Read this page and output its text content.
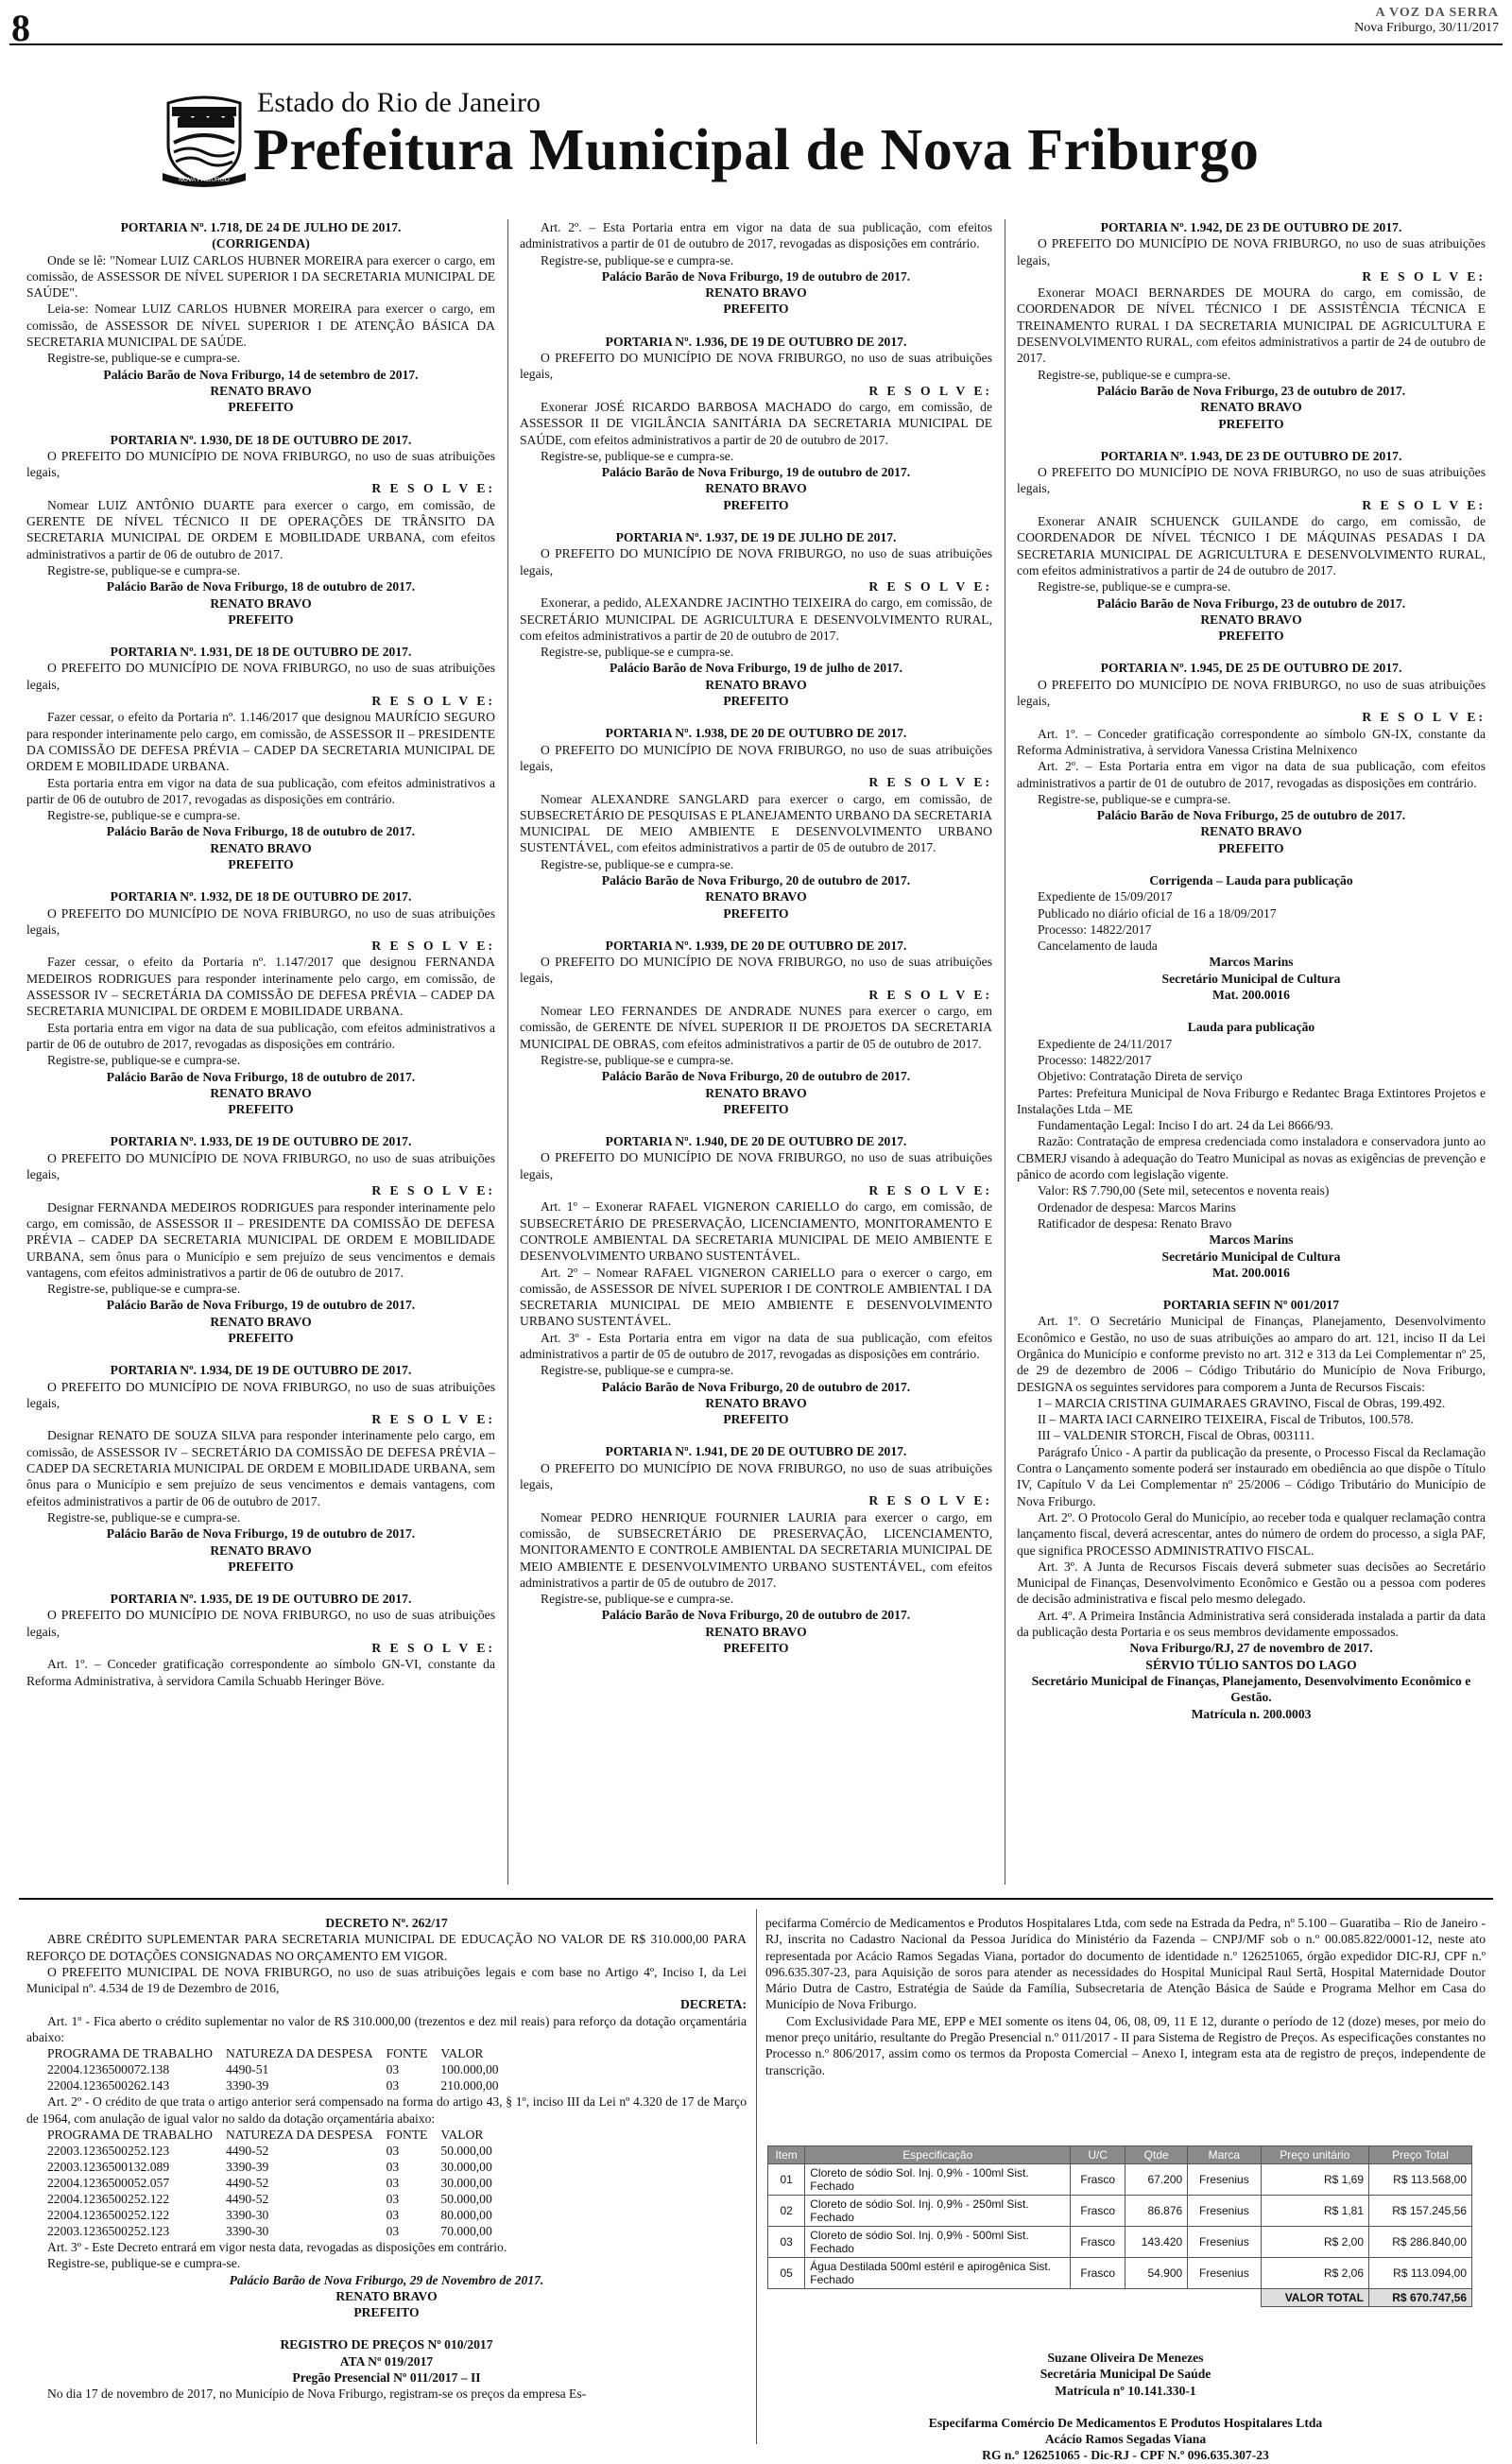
8	A VOZ DA SERRA
Nova Friburgo, 30/11/2017
NOVA FRIBURGO
Estado do Rio de Janeiro
Prefeitura Municipal de Nova Friburgo
PORTARIA Nº. 1.718, DE 24 DE JULHO DE 2017.
(CORRIGENDA)
Onde se lê: "Nomear LUIZ CARLOS HUBNER MOREIRA para exercer o cargo, em comissão, de ASSESSOR DE NÍVEL SUPERIOR I DA SECRETARIA MUNICIPAL DE SAÚDE".
Leia-se: Nomear LUIZ CARLOS HUBNER MOREIRA para exercer o cargo, em comissão, de ASSESSOR DE NÍVEL SUPERIOR I DE ATENÇÃO BÁSICA DA SECRETARIA MUNICIPAL DE SAÚDE.
Registre-se, publique-se e cumpra-se.
Palácio Barão de Nova Friburgo, 14 de setembro de 2017.
RENATO BRAVO
PREFEITO
PORTARIA Nº. 1.930, DE 18 DE OUTUBRO DE 2017.
O PREFEITO DO MUNICÍPIO DE NOVA FRIBURGO, no uso de suas atribuições legais,
R E S O L V E:
Nomear LUIZ ANTÔNIO DUARTE para exercer o cargo, em comissão, de GERENTE DE NÍVEL TÉCNICO II DE OPERAÇÕES DE TRÂNSITO DA SECRETARIA MUNICIPAL DE ORDEM E MOBILIDADE URBANA, com efeitos administrativos a partir de 06 de outubro de 2017.
Registre-se, publique-se e cumpra-se.
Palácio Barão de Nova Friburgo, 18 de outubro de 2017.
RENATO BRAVO
PREFEITO
PORTARIA Nº. 1.931, DE 18 DE OUTUBRO DE 2017.
O PREFEITO DO MUNICÍPIO DE NOVA FRIBURGO, no uso de suas atribuições legais,
R E S O L V E:
Fazer cessar, o efeito da Portaria nº. 1.146/2017 que designou MAURÍCIO SEGURO para responder interinamente pelo cargo, em comissão, de ASSESSOR II – PRESIDENTE DA COMISSÃO DE DEFESA PRÉVIA – CADEP DA SECRETARIA MUNICIPAL DE ORDEM E MOBILIDADE URBANA.
Esta portaria entra em vigor na data de sua publicação, com efeitos administrativos a partir de 06 de outubro de 2017, revogadas as disposições em contrário.
Registre-se, publique-se e cumpra-se.
Palácio Barão de Nova Friburgo, 18 de outubro de 2017.
RENATO BRAVO
PREFEITO
PORTARIA Nº. 1.932, DE 18 DE OUTUBRO DE 2017.
O PREFEITO DO MUNICÍPIO DE NOVA FRIBURGO, no uso de suas atribuições legais,
R E S O L V E:
Fazer cessar, o efeito da Portaria nº. 1.147/2017 que designou FERNANDA MEDEIROS RODRIGUES para responder interinamente pelo cargo, em comissão, de ASSESSOR IV – SECRETÁRIA DA COMISSÃO DE DEFESA PRÉVIA – CADEP DA SECRETARIA MUNICIPAL DE ORDEM E MOBILIDADE URBANA.
Esta portaria entra em vigor na data de sua publicação, com efeitos administrativos a partir de 06 de outubro de 2017, revogadas as disposições em contrário.
Registre-se, publique-se e cumpra-se.
Palácio Barão de Nova Friburgo, 18 de outubro de 2017.
RENATO BRAVO
PREFEITO
PORTARIA Nº. 1.933, DE 19 DE OUTUBRO DE 2017.
O PREFEITO DO MUNICÍPIO DE NOVA FRIBURGO, no uso de suas atribuições legais,
R E S O L V E:
Designar FERNANDA MEDEIROS RODRIGUES para responder interinamente pelo cargo, em comissão, de ASSESSOR II – PRESIDENTE DA COMISSÃO DE DEFESA PRÉVIA – CADEP DA SECRETARIA MUNICIPAL DE ORDEM E MOBILIDADE URBANA, sem ônus para o Município e sem prejuízo de seus vencimentos e demais vantagens, com efeitos administrativos a partir de 06 de outubro de 2017.
Registre-se, publique-se e cumpra-se.
Palácio Barão de Nova Friburgo, 19 de outubro de 2017.
RENATO BRAVO
PREFEITO
PORTARIA Nº. 1.934, DE 19 DE OUTUBRO DE 2017.
O PREFEITO DO MUNICÍPIO DE NOVA FRIBURGO, no uso de suas atribuições legais,
R E S O L V E:
Designar RENATO DE SOUZA SILVA para responder interinamente pelo cargo, em comissão, de ASSESSOR IV – SECRETÁRIO DA COMISSÃO DE DEFESA PRÉVIA – CADEP DA SECRETARIA MUNICIPAL DE ORDEM E MOBILIDADE URBANA, sem ônus para o Município e sem prejuízo de seus vencimentos e demais vantagens, com efeitos administrativos a partir de 06 de outubro de 2017.
Registre-se, publique-se e cumpra-se.
Palácio Barão de Nova Friburgo, 19 de outubro de 2017.
RENATO BRAVO
PREFEITO
PORTARIA Nº. 1.935, DE 19 DE OUTUBRO DE 2017.
O PREFEITO DO MUNICÍPIO DE NOVA FRIBURGO, no uso de suas atribuições legais,
R E S O L V E:
Art. 1º. – Conceder gratificação correspondente ao símbolo GN-VI, constante da Reforma Administrativa, à servidora Camila Schuabb Heringer Böve.
Art. 2º. – Esta Portaria entra em vigor na data de sua publicação, com efeitos administrativos a partir de 01 de outubro de 2017, revogadas as disposições em contrário.
Registre-se, publique-se e cumpra-se.
Palácio Barão de Nova Friburgo, 19 de outubro de 2017.
RENATO BRAVO
PREFEITO
PORTARIA Nº. 1.936, DE 19 DE OUTUBRO DE 2017.
O PREFEITO DO MUNICÍPIO DE NOVA FRIBURGO, no uso de suas atribuições legais,
R E S O L V E:
Exonerar JOSÉ RICARDO BARBOSA MACHADO do cargo, em comissão, de ASSESSOR II DE VIGILÂNCIA SANITÁRIA DA SECRETARIA MUNICIPAL DE SAÚDE, com efeitos administrativos a partir de 20 de outubro de 2017.
Registre-se, publique-se e cumpra-se.
Palácio Barão de Nova Friburgo, 19 de outubro de 2017.
RENATO BRAVO
PREFEITO
PORTARIA Nº. 1.937, DE 19 DE JULHO DE 2017.
O PREFEITO DO MUNICÍPIO DE NOVA FRIBURGO, no uso de suas atribuições legais,
R E S O L V E:
Exonerar, a pedido, ALEXANDRE JACINTHO TEIXEIRA do cargo, em comissão, de SECRETÁRIO MUNICIPAL DE AGRICULTURA E DESENVOLVIMENTO RURAL, com efeitos administrativos a partir de 20 de outubro de 2017.
Registre-se, publique-se e cumpra-se.
Palácio Barão de Nova Friburgo, 19 de julho de 2017.
RENATO BRAVO
PREFEITO
PORTARIA Nº. 1.938, DE 20 DE OUTUBRO DE 2017.
O PREFEITO DO MUNICÍPIO DE NOVA FRIBURGO, no uso de suas atribuições legais,
R E S O L V E:
Nomear ALEXANDRE SANGLARD para exercer o cargo, em comissão, de SUBSECRETÁRIO DE PESQUISAS E PLANEJAMENTO URBANO DA SECRETARIA MUNICIPAL DE MEIO AMBIENTE E DESENVOLVIMENTO URBANO SUSTENTÁVEL, com efeitos administrativos a partir de 05 de outubro de 2017.
Registre-se, publique-se e cumpra-se.
Palácio Barão de Nova Friburgo, 20 de outubro de 2017.
RENATO BRAVO
PREFEITO
PORTARIA Nº. 1.939, DE 20 DE OUTUBRO DE 2017.
O PREFEITO DO MUNICÍPIO DE NOVA FRIBURGO, no uso de suas atribuições legais,
R E S O L V E:
Nomear LEO FERNANDES DE ANDRADE NUNES para exercer o cargo, em comissão, de GERENTE DE NÍVEL SUPERIOR II DE PROJETOS DA SECRETARIA MUNICIPAL DE OBRAS, com efeitos administrativos a partir de 05 de outubro de 2017.
Registre-se, publique-se e cumpra-se.
Palácio Barão de Nova Friburgo, 20 de outubro de 2017.
RENATO BRAVO
PREFEITO
PORTARIA Nº. 1.940, DE 20 DE OUTUBRO DE 2017.
O PREFEITO DO MUNICÍPIO DE NOVA FRIBURGO, no uso de suas atribuições legais,
R E S O L V E:
Art. 1º – Exonerar RAFAEL VIGNERON CARIELLO do cargo, em comissão, de SUBSECRETÁRIO DE PRESERVAÇÃO, LICENCIAMENTO, MONITORAMENTO E CONTROLE AMBIENTAL DA SECRETARIA MUNICIPAL DE MEIO AMBIENTE E DESENVOLVIMENTO URBANO SUSTENTÁVEL.
Art. 2º – Nomear RAFAEL VIGNERON CARIELLO para o exercer o cargo, em comissão, de ASSESSOR DE NÍVEL SUPERIOR I DE CONTROLE AMBIENTAL I DA SECRETARIA MUNICIPAL DE MEIO AMBIENTE E DESENVOLVIMENTO URBANO SUSTENTÁVEL.
Art. 3º - Esta Portaria entra em vigor na data de sua publicação, com efeitos administrativos a partir de 05 de outubro de 2017, revogadas as disposições em contrário.
Registre-se, publique-se e cumpra-se.
Palácio Barão de Nova Friburgo, 20 de outubro de 2017.
RENATO BRAVO
PREFEITO
PORTARIA Nº. 1.941, DE 20 DE OUTUBRO DE 2017.
O PREFEITO DO MUNICÍPIO DE NOVA FRIBURGO, no uso de suas atribuições legais,
R E S O L V E:
Nomear PEDRO HENRIQUE FOURNIER LAURIA para exercer o cargo, em comissão, de SUBSECRETÁRIO DE PRESERVAÇÃO, LICENCIAMENTO, MONITORAMENTO E CONTROLE AMBIENTAL DA SECRETARIA MUNICIPAL DE MEIO AMBIENTE E DESENVOLVIMENTO URBANO SUSTENTÁVEL, com efeitos administrativos a partir de 05 de outubro de 2017.
Registre-se, publique-se e cumpra-se.
Palácio Barão de Nova Friburgo, 20 de outubro de 2017.
RENATO BRAVO
PREFEITO
PORTARIA Nº. 1.942, DE 23 DE OUTUBRO DE 2017.
O PREFEITO DO MUNICÍPIO DE NOVA FRIBURGO, no uso de suas atribuições legais,
R E S O L V E:
Exonerar MOACI BERNARDES DE MOURA do cargo, em comissão, de COORDENADOR DE NÍVEL TÉCNICO I DE ASSISTÊNCIA TÉCNICA E TREINAMENTO RURAL I DA SECRETARIA MUNICIPAL DE AGRICULTURA E DESENVOLVIMENTO RURAL, com efeitos administrativos a partir de 24 de outubro de 2017.
Registre-se, publique-se e cumpra-se.
Palácio Barão de Nova Friburgo, 23 de outubro de 2017.
RENATO BRAVO
PREFEITO
PORTARIA Nº. 1.943, DE 23 DE OUTUBRO DE 2017.
O PREFEITO DO MUNICÍPIO DE NOVA FRIBURGO, no uso de suas atribuições legais,
R E S O L V E:
Exonerar ANAIR SCHUENCK GUILANDE do cargo, em comissão, de COORDENADOR DE NÍVEL TÉCNICO I DE MÁQUINAS PESADAS I DA SECRETARIA MUNICIPAL DE AGRICULTURA E DESENVOLVIMENTO RURAL, com efeitos administrativos a partir de 24 de outubro de 2017.
Registre-se, publique-se e cumpra-se.
Palácio Barão de Nova Friburgo, 23 de outubro de 2017.
RENATO BRAVO
PREFEITO
PORTARIA Nº. 1.945, DE 25 DE OUTUBRO DE 2017.
O PREFEITO DO MUNICÍPIO DE NOVA FRIBURGO, no uso de suas atribuições legais,
R E S O L V E:
Art. 1º. – Conceder gratificação correspondente ao símbolo GN-IX, constante da Reforma Administrativa, à servidora Vanessa Cristina Melnixenco
Art. 2º. – Esta Portaria entra em vigor na data de sua publicação, com efeitos administrativos a partir de 01 de outubro de 2017, revogadas as disposições em contrário.
Registre-se, publique-se e cumpra-se.
Palácio Barão de Nova Friburgo, 25 de outubro de 2017.
RENATO BRAVO
PREFEITO
Corrigenda – Lauda para publicação
Expediente de 15/09/2017
Publicado no diário oficial de 16 a 18/09/2017
Processo: 14822/2017
Cancelamento de lauda
Marcos Marins
Secretário Municipal de Cultura
Mat. 200.0016
Lauda para publicação
Expediente de 24/11/2017
Processo: 14822/2017
Objetivo: Contratação Direta de serviço
Partes: Prefeitura Municipal de Nova Friburgo e Redantec Braga Extintores Projetos e Instalações Ltda – ME
Fundamentação Legal: Inciso I do art. 24 da Lei 8666/93.
Razão: Contratação de empresa credenciada como instaladora e conservadora junto ao CBMERJ visando à adequação do Teatro Municipal as novas as exigências de prevenção e pânico de acordo com legislação vigente.
Valor: R$ 7.790,00 (Sete mil, setecentos e noventa reais)
Ordenador de despesa: Marcos Marins
Ratificador de despesa: Renato Bravo
Marcos Marins
Secretário Municipal de Cultura
Mat. 200.0016
PORTARIA SEFIN Nº 001/2017
Art. 1º. O Secretário Municipal de Finanças, Planejamento, Desenvolvimento Econômico e Gestão, no uso de suas atribuições ao amparo do art. 121, inciso II da Lei Orgânica do Município e conforme previsto no art. 312 e 313 da Lei Complementar nº 25, de 29 de dezembro de 2006 – Código Tributário do Município de Nova Friburgo, DESIGNA os seguintes servidores para comporem a Junta de Recursos Fiscais:
I – MARCIA CRISTINA GUIMARAES GRAVINO, Fiscal de Obras, 199.492.
II – MARTA IACI CARNEIRO TEIXEIRA, Fiscal de Tributos, 100.578.
III – VALDENIR STORCH, Fiscal de Obras, 003111.
Parágrafo Único - A partir da publicação da presente, o Processo Fiscal da Reclamação Contra o Lançamento somente poderá ser instaurado em obediência ao que dispõe o Título IV, Capítulo V da Lei Complementar nº 25/2006 – Código Tributário do Município de Nova Friburgo.
Art. 2º. O Protocolo Geral do Município, ao receber toda e qualquer reclamação contra lançamento fiscal, deverá acrescentar, antes do número de ordem do processo, a sigla PAF, que significa PROCESSO ADMINISTRATIVO FISCAL.
Art. 3º. A Junta de Recursos Fiscais deverá submeter suas decisões ao Secretário Municipal de Finanças, Desenvolvimento Econômico e Gestão ou a pessoa com poderes de decisão administrativa e fiscal pelo mesmo delegado.
Art. 4º. A Primeira Instância Administrativa será considerada instalada a partir da data da publicação desta Portaria e os seus membros devidamente empossados.
Nova Friburgo/RJ, 27 de novembro de 2017.
SÉRVIO TÚLIO SANTOS DO LAGO
Secretário Municipal de Finanças, Planejamento, Desenvolvimento Econômico e Gestão.
Matrícula n. 200.0003
DECRETO Nº. 262/17
ABRE CRÉDITO SUPLEMENTAR PARA SECRETARIA MUNICIPAL DE EDUCAÇÃO NO VALOR DE R$ 310.000,00 PARA REFORÇO DE DOTAÇÕES CONSIGNADAS NO ORÇAMENTO EM VIGOR.
O PREFEITO MUNICIPAL DE NOVA FRIBURGO, no uso de suas atribuições legais e com base no Artigo 4º, Inciso I, da Lei Municipal nº. 4.534 de 19 de Dezembro de 2016,
DECRETA:
Art. 1º - Fica aberto o crédito suplementar no valor de R$ 310.000,00 (trezentos e dez mil reais) para reforço da dotação orçamentária abaixo:
PROGRAMA DE TRABALHO	NATUREZA DA DESPESA	FONTE	VALOR
22004.1236500072.138	4490-51	03	100.000,00
22004.1236500262.143	3390-39	03	210.000,00
Art. 2º - O crédito de que trata o artigo anterior será compensado na forma do artigo 43, § 1º, inciso III da Lei nº 4.320 de 17 de Março de 1964, com anulação de igual valor no saldo da dotação orçamentária abaixo:
PROGRAMA DE TRABALHO	NATUREZA DA DESPESA	FONTE	VALOR
22003.1236500252.123	4490-52	03	50.000,00
22003.1236500132.089	3390-39	03	30.000,00
22004.1236500052.057	4490-52	03	30.000,00
22004.1236500252.122	4490-52	03	50.000,00
22004.1236500252.122	3390-30	03	80.000,00
22003.1236500252.123	3390-30	03	70.000,00
Art. 3º - Este Decreto entrará em vigor nesta data, revogadas as disposições em contrário.
Registre-se, publique-se e cumpra-se.
Palácio Barão de Nova Friburgo, 29 de Novembro de 2017.
RENATO BRAVO
PREFEITO
REGISTRO DE PREÇOS Nº 010/2017
ATA Nº 019/2017
Pregão Presencial Nº 011/2017 – II
No dia 17 de novembro de 2017, no Município de Nova Friburgo, registram-se os preços da empresa Es-
pecifarma Comércio de Medicamentos e Produtos Hospitalares Ltda, com sede na Estrada da Pedra, nº 5.100 – Guaratiba – Rio de Janeiro - RJ, inscrita no Cadastro Nacional da Pessoa Jurídica do Ministério da Fazenda – CNPJ/MF sob o n.º 00.085.822/0001-12, neste ato representada por Acácio Ramos Segadas Viana, portador do documento de identidade n.º 126251065, órgão expedidor DIC-RJ, CPF n.º 096.635.307-23, para Aquisição de soros para atender as necessidades do Hospital Municipal Raul Sertã, Hospital Maternidade Doutor Mário Dutra de Castro, Estratégia de Saúde da Família, Subsecretaria de Atenção Básica de Saúde e Programa Melhor em Casa do Município de Nova Friburgo.
Com Exclusividade Para ME, EPP e MEI somente os itens 04, 06, 08, 09, 11 E 12, durante o período de 12 (doze) meses, por meio do menor preço unitário, resultante do Pregão Presencial n.º 011/2017 - II para Sistema de Registro de Preços. As especificações constantes no Processo n.º 806/2017, assim como os termos da Proposta Comercial – Anexo I, integram esta ata de registro de preços, independente de transcrição.
Item	Especificação	U/C	Qtde	Marca	Preço unitário	Preço Total
01	Cloreto de sódio Sol. Inj. 0,9% - 100ml Sist. Fechado	Frasco	67.200	Fresenius	R$ 1,69	R$ 113.568,00
02	Cloreto de sódio Sol. Inj. 0,9% - 250ml Sist. Fechado	Frasco	86.876	Fresenius	R$ 1,81	R$ 157.245,56
03	Cloreto de sódio Sol. Inj. 0,9% - 500ml Sist. Fechado	Frasco	143.420	Fresenius	R$ 2,00	R$ 286.840,00
05	Água Destilada 500ml estéril e apirogênica Sist. Fechado	Frasco	54.900	Fresenius	R$ 2,06	R$ 113.094,00
					VALOR TOTAL	R$ 670.747,56
Suzane Oliveira De Menezes
Secretária Municipal De Saúde
Matrícula nº 10.141.330-1
Especifarma Comércio De Medicamentos E Produtos Hospitalares Ltda
Acácio Ramos Segadas Viana
RG n.º 126251065 - Dic-RJ - CPF N.º 096.635.307-23
